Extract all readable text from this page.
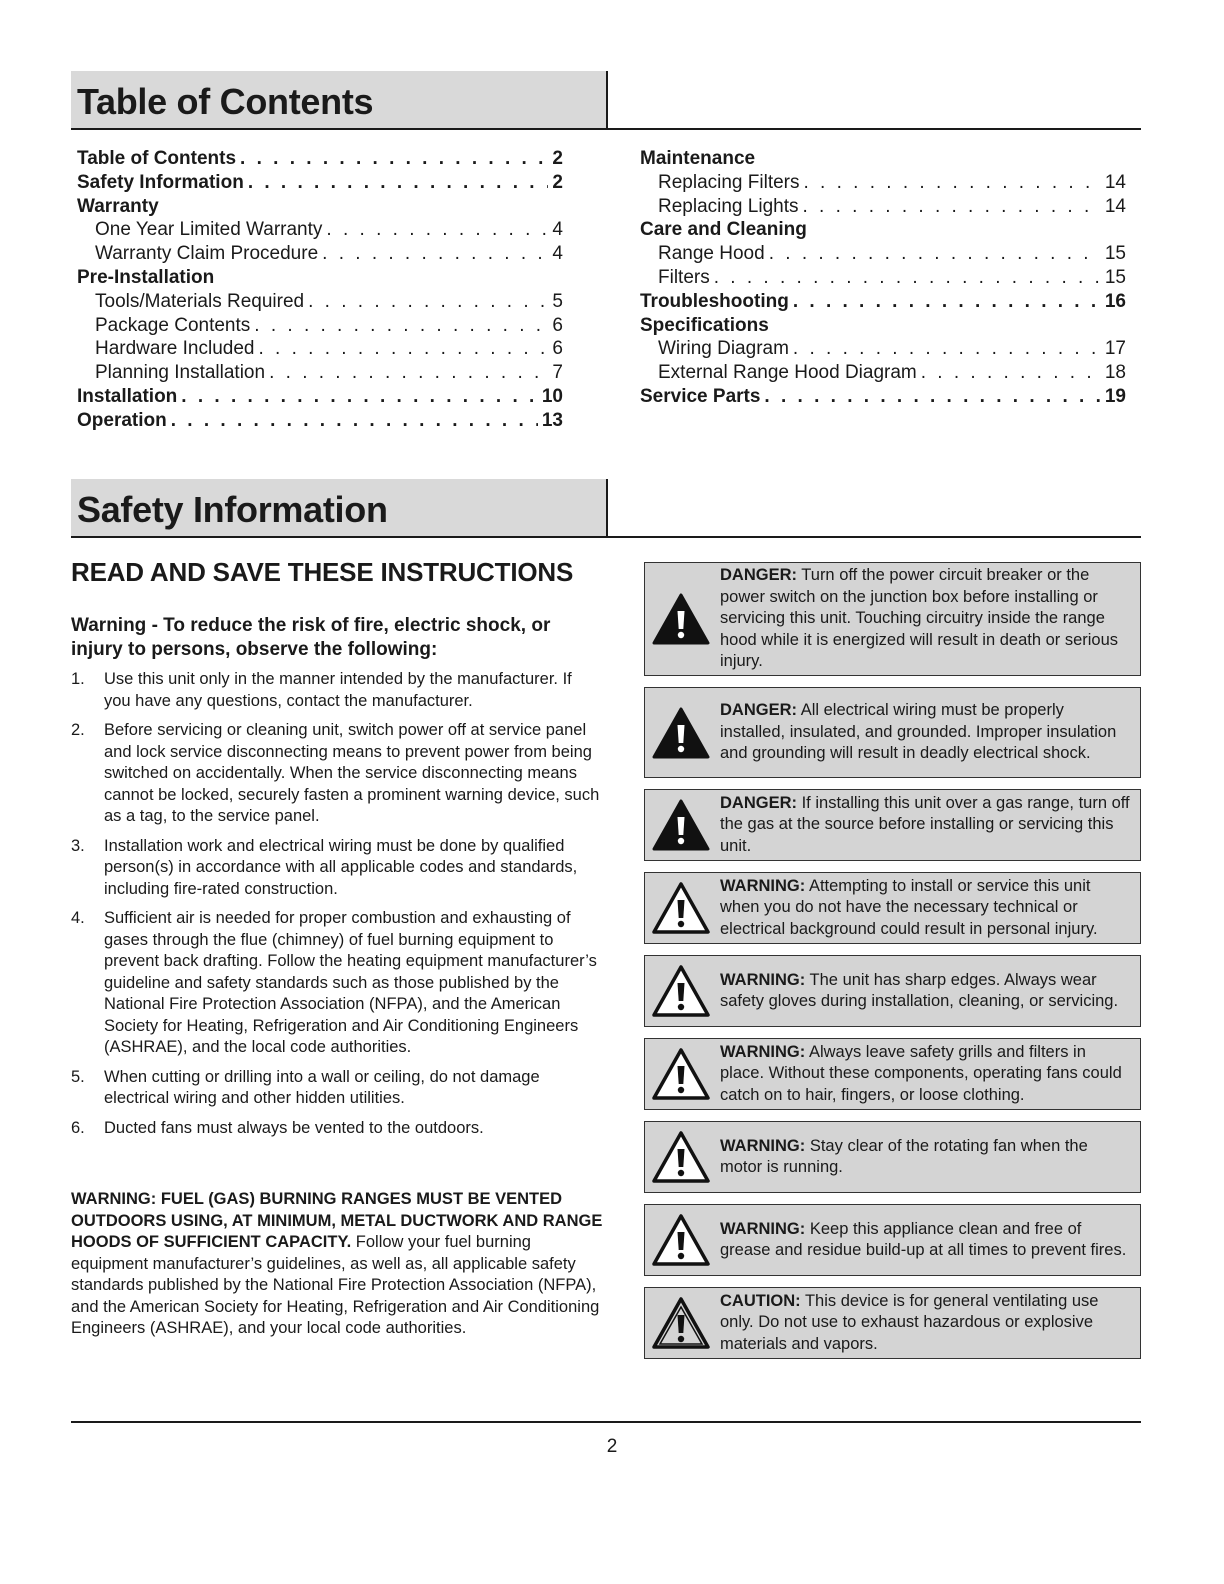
Table of Contents
Table of Contents . . .	2
Safety Information . . .	2
Warranty
One Year Limited Warranty . . .	4
Warranty Claim Procedure . . .	4
Pre-Installation
Tools/Materials Required . . .	5
Package Contents . . .	6
Hardware Included . . .	6
Planning Installation . . .	7
Installation . . .	10
Operation . . .	13
Maintenance
Replacing Filters . . .	14
Replacing Lights . . .	14
Care and Cleaning
Range Hood . . .	15
Filters . . .	15
Troubleshooting . . .	16
Specifications
Wiring Diagram . . .	17
External Range Hood Diagram . . .	18
Service Parts . . .	19
Safety Information
READ AND SAVE THESE INSTRUCTIONS
Warning - To reduce the risk of fire, electric shock, or injury to persons, observe the following:
1.	Use this unit only in the manner intended by the manufacturer. If you have any questions, contact the manufacturer.
2.	Before servicing or cleaning unit, switch power off at service panel and lock service disconnecting means to prevent power from being switched on accidentally. When the service disconnecting means cannot be locked, securely fasten a prominent warning device, such as a tag, to the service panel.
3.	Installation work and electrical wiring must be done by qualified person(s) in accordance with all applicable codes and standards, including fire-rated construction.
4.	Sufficient air is needed for proper combustion and exhausting of gases through the flue (chimney) of fuel burning equipment to prevent back drafting. Follow the heating equipment manufacturer’s guideline and safety standards such as those published by the National Fire Protection Association (NFPA), and the American Society for Heating, Refrigeration and Air Conditioning Engineers (ASHRAE), and the local code authorities.
5.	When cutting or drilling into a wall or ceiling, do not damage electrical wiring and other hidden utilities.
6.	Ducted fans must always be vented to the outdoors.
WARNING: FUEL (GAS) BURNING RANGES MUST BE VENTED OUTDOORS USING, AT MINIMUM, METAL DUCTWORK AND RANGE HOODS OF SUFFICIENT CAPACITY. Follow your fuel burning equipment manufacturer’s guidelines, as well as, all applicable safety standards published by the National Fire Protection Association (NFPA), and the American Society for Heating, Refrigeration and Air Conditioning Engineers (ASHRAE), and your local code authorities.
DANGER: Turn off the power circuit breaker or the power switch on the junction box before installing or servicing this unit. Touching circuitry inside the range hood while it is energized will result in death or serious injury.
DANGER: All electrical wiring must be properly installed, insulated, and grounded. Improper insulation and grounding will result in deadly electrical shock.
DANGER: If installing this unit over a gas range, turn off the gas at the source before installing or servicing this unit.
WARNING: Attempting to install or service this unit when you do not have the necessary technical or electrical background could result in personal injury.
WARNING: The unit has sharp edges. Always wear safety gloves during installation, cleaning, or servicing.
WARNING: Always leave safety grills and filters in place. Without these components, operating fans could catch on to hair, fingers, or loose clothing.
WARNING: Stay clear of the rotating fan when the motor is running.
WARNING: Keep this appliance clean and free of grease and residue build-up at all times to prevent fires.
CAUTION: This device is for general ventilating use only. Do not use to exhaust hazardous or explosive materials and vapors.
2
